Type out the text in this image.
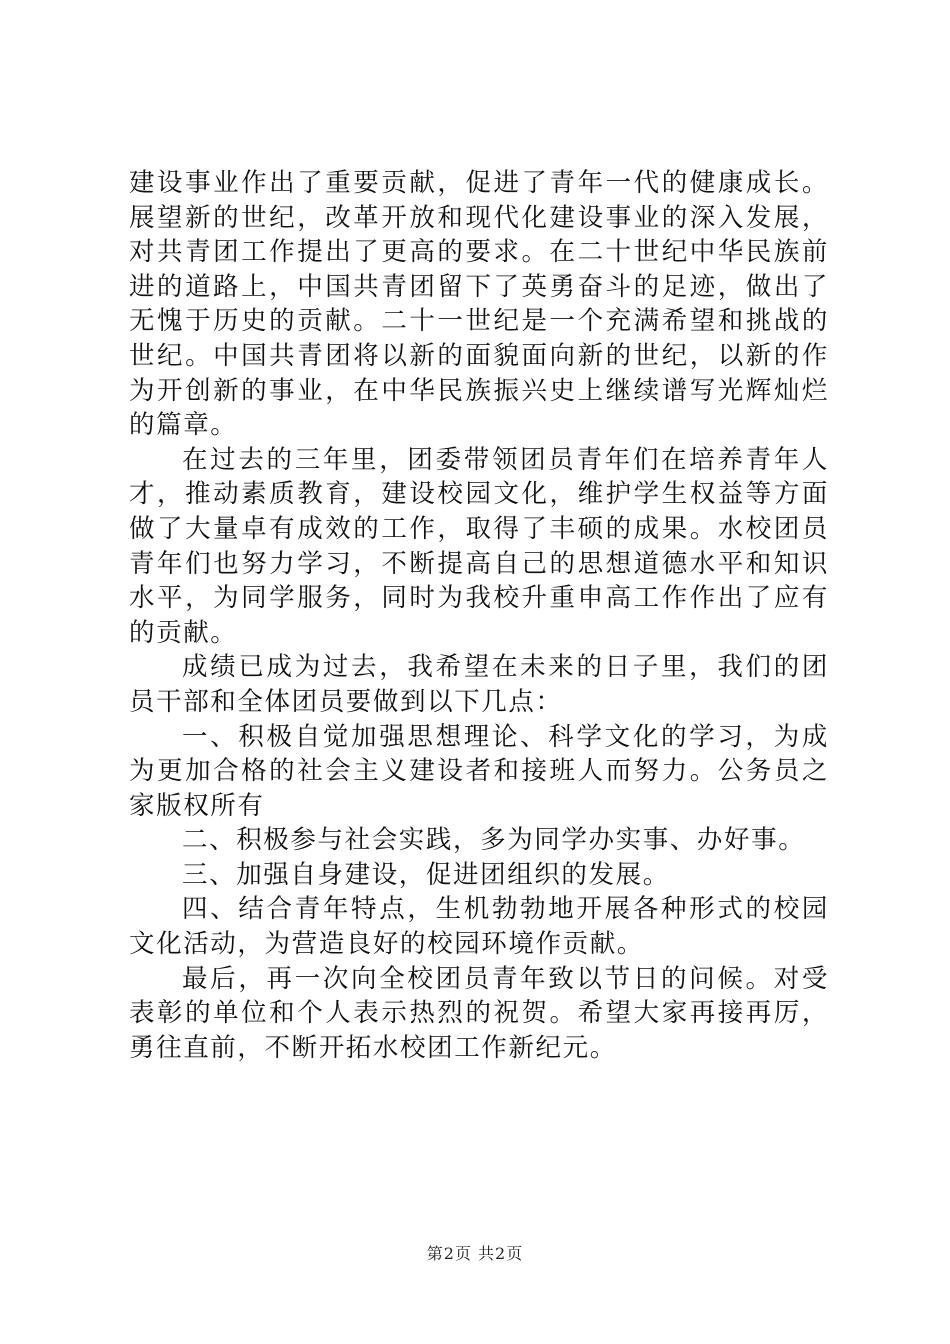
建设事业作出了重要贡献，促进了青年一代的健康成长。展望新的世纪，改革开放和现代化建设事业的深入发展，对共青团工作提出了更高的要求。在二十世纪中华民族前进的道路上，中国共青团留下了英勇奋斗的足迹，做出了无愧于历史的贡献。二十一世纪是一个充满希望和挑战的世纪。中国共青团将以新的面貌面向新的世纪，以新的作为开创新的事业，在中华民族振兴史上继续谱写光辉灿烂的篇章。

在过去的三年里，团委带领团员青年们在培养青年人才，推动素质教育，建设校园文化，维护学生权益等方面做了大量卓有成效的工作，取得了丰硕的成果。水校团员青年们也努力学习，不断提高自己的思想道德水平和知识水平，为同学服务，同时为我校升重申高工作作出了应有的贡献。

成绩已成为过去，我希望在未来的日子里，我们的团员干部和全体团员要做到以下几点：

一、积极自觉加强思想理论、科学文化的学习，为成为更加合格的社会主义建设者和接班人而努力。公务员之家版权所有

二、积极参与社会实践，多为同学办实事、办好事。

三、加强自身建设，促进团组织的发展。

四、结合青年特点，生机勃勃地开展各种形式的校园文化活动，为营造良好的校园环境作贡献。

最后，再一次向全校团员青年致以节日的问候。对受表彰的单位和个人表示热烈的祝贺。希望大家再接再厉，勇往直前，不断开拓水校团工作新纪元。

第2页 共2页
